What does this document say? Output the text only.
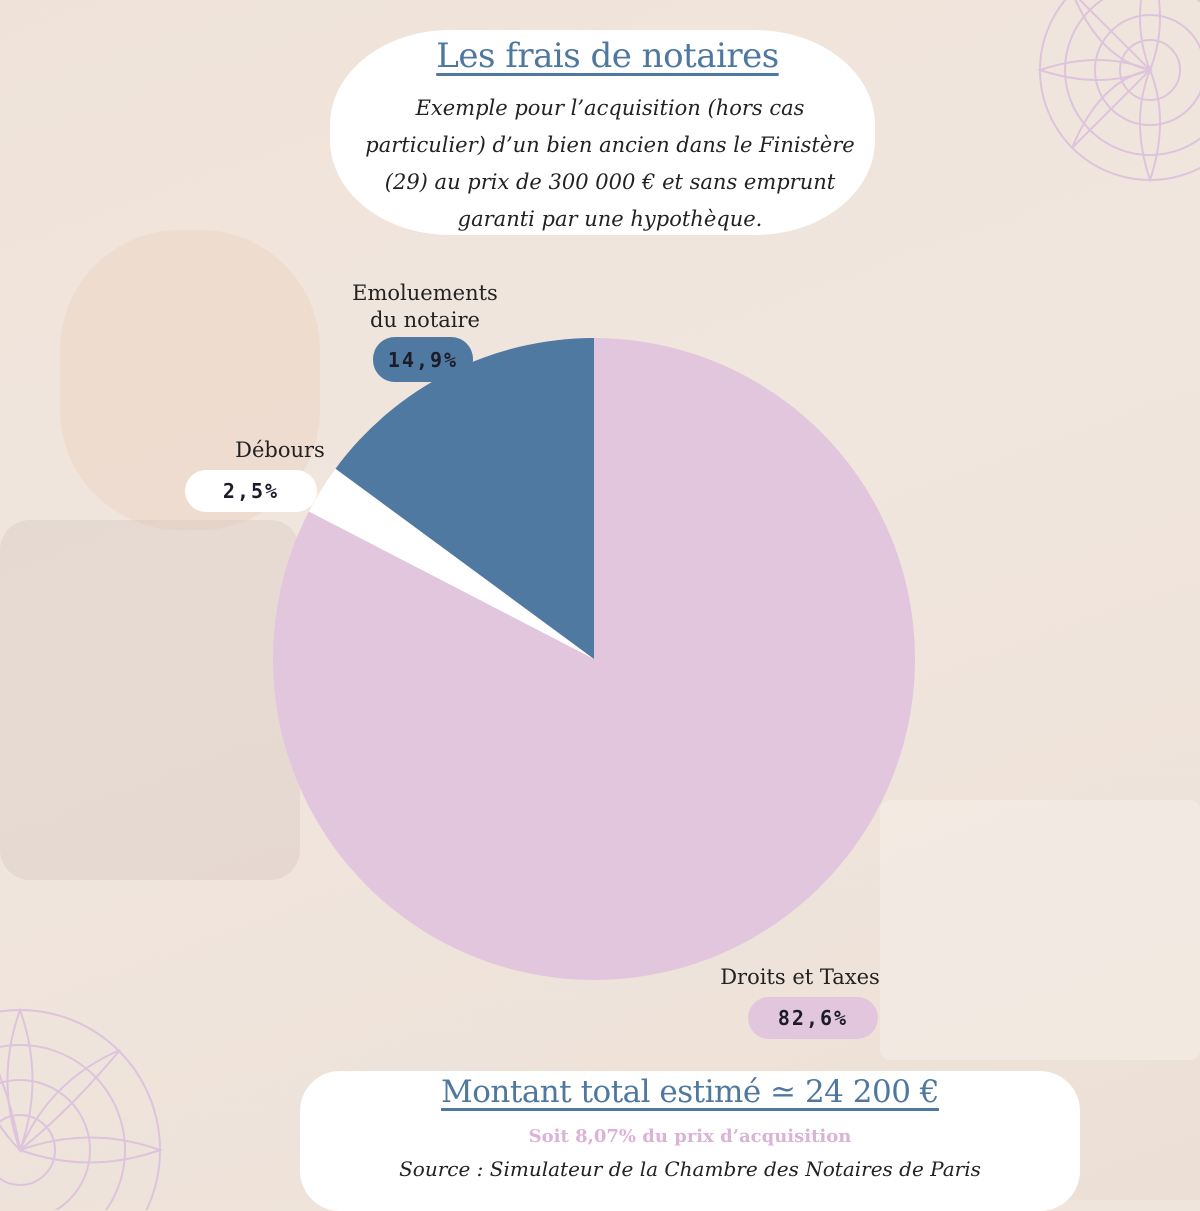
Les frais de notaires
Exemple pour l’acquisition (hors cas
particulier) d’un bien ancien dans le Finistère
(29) au prix de 300 000 € et sans emprunt
garanti par une hypothèque.
Droits et Taxes
82,6%
Débours
2,5%
Emoluements
du notaire
14,9%
Montant total estimé ≃ 24 200 €
Soit 8,07% du prix d’acquisition
Source : Simulateur de la Chambre des Notaires de Paris
